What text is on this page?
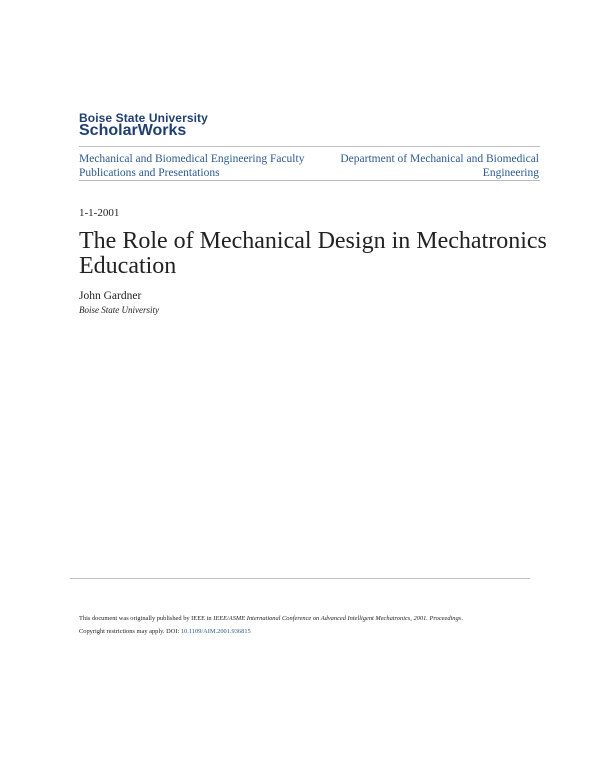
Boise State University
ScholarWorks
Mechanical and Biomedical Engineering Faculty
Publications and Presentations
Department of Mechanical and Biomedical
Engineering
1-1-2001
The Role of Mechanical Design in Mechatronics
Education
John Gardner
Boise State University
This document was originally published by IEEE in IEEE/ASME International Conference on Advanced Intelligent Mechatronics, 2001. Proceedings.
Copyright restrictions may apply. DOI: 10.1109/AIM.2001.936815
